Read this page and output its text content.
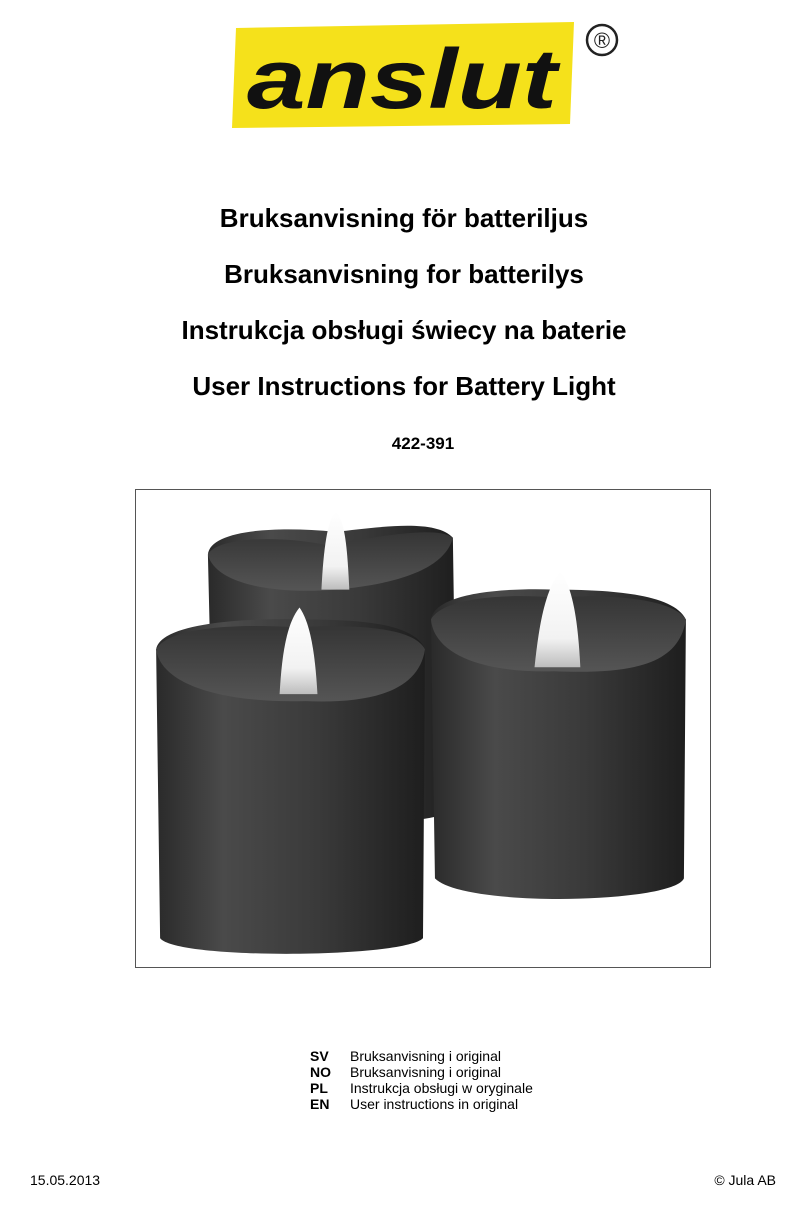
anslut ®
Bruksanvisning för batteriljus
Bruksanvisning for batterilys
Instrukcja obsługi świecy na baterie
User Instructions for Battery Light
422-391
SV	Bruksanvisning i original
NO	Bruksanvisning i original
PL	Instrukcja obsługi w oryginale
EN	User instructions in original
15.05.2013	© Jula AB
